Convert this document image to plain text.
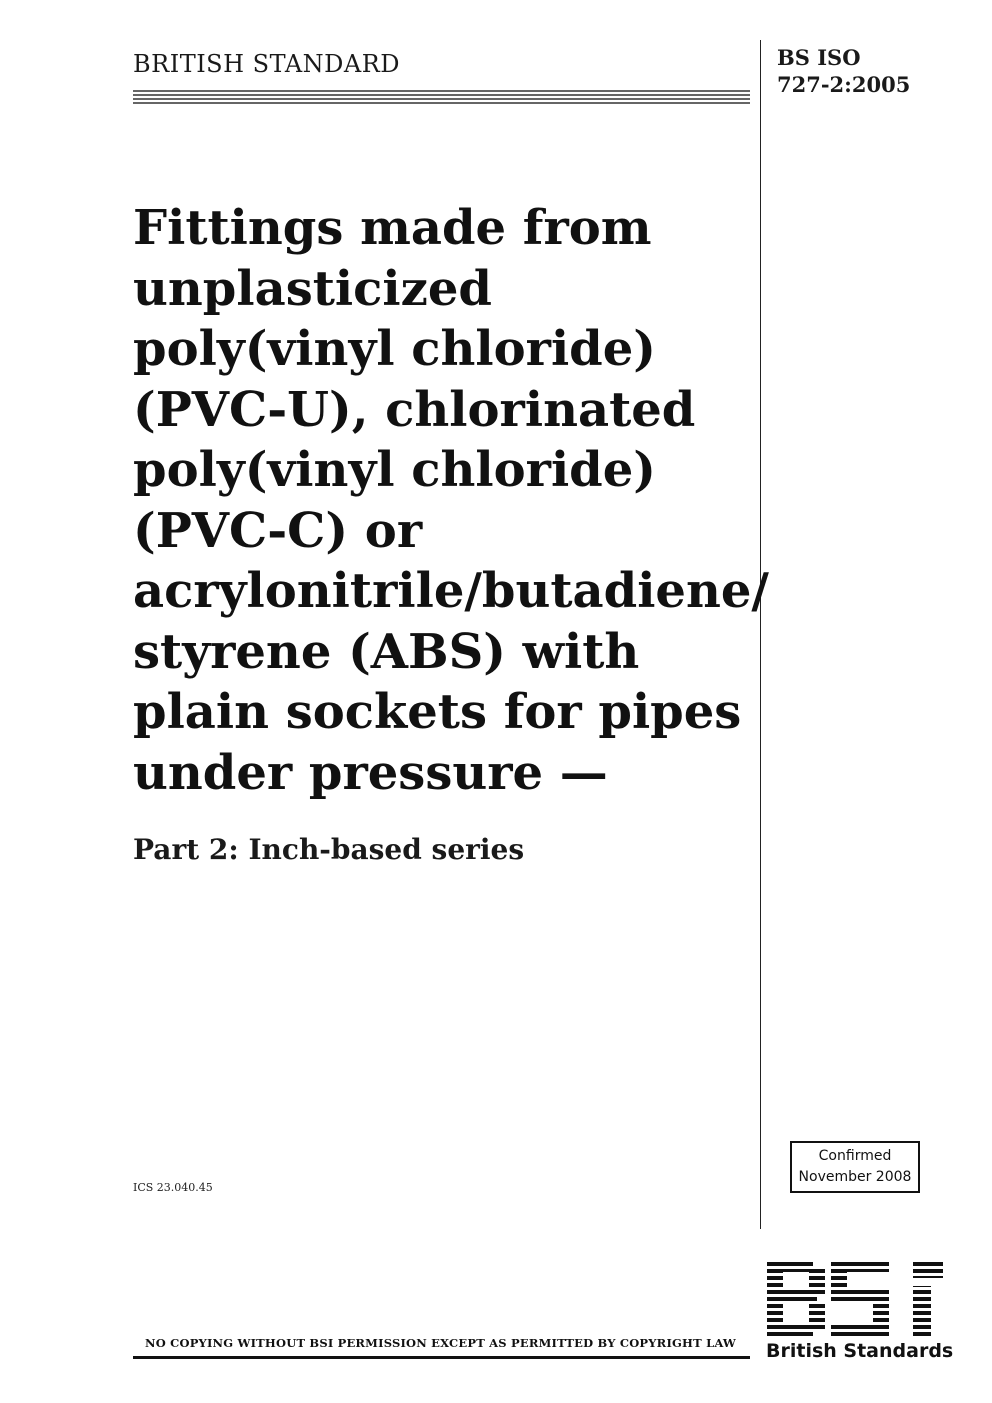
BRITISH STANDARD	BS ISO
727-2:2005
Fittings made from
unplasticized
poly(vinyl chloride)
(PVC-U), chlorinated
poly(vinyl chloride)
(PVC-C) or
acrylonitrile/butadiene/
styrene (ABS) with
plain sockets for pipes
under pressure —
Part 2: Inch-based series
ICS 23.040.45
Confirmed
November 2008
British Standards
NO COPYING WITHOUT BSI PERMISSION EXCEPT AS PERMITTED BY COPYRIGHT LAW
